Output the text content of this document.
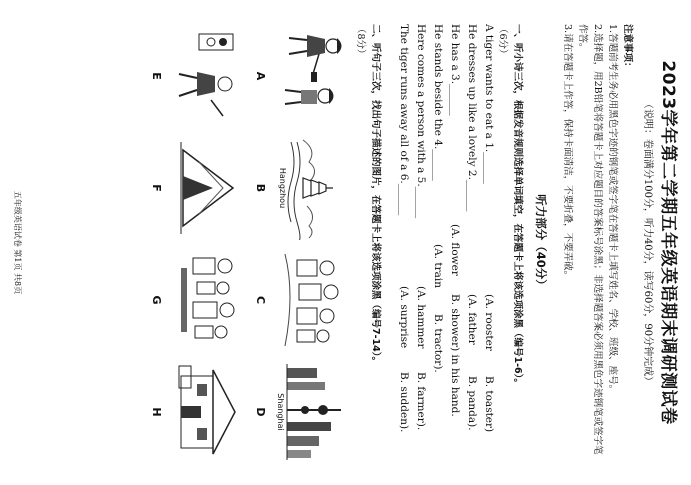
2023学年第二学期五年级英语期末调研测试卷
（说明：卷面满分100分，听力40分，读写60分，90分钟完成）

注意事项：

1.答题前考生务必用黑色字迹的钢笔或签字笔在答题卡上填写姓名、学校、班级、座号。

2.选择题，用2B铅笔将答题卡上对应题目的答案标号涂黑；非选择题答案必须用黑色字迹钢笔或签字笔作答。

3.请在答题卡上作答，保持卡面清洁，不要折叠，不要弄破。

听力部分（40分）
一、听小诗三次，根据发音规则选择单词填空，在答题卡上将该选项涂黑（编号1-6）。
（6分）
A tiger wants to eat a 1.______
(A. rooster
B. toaster)
He dresses up like a lovely 2.______
(A. father
B. panda).
He has a 3.______
(A. flower
B. shower) in his hand.
He stands beside the 4.______
(A. train
B. tractor).
Here comes a person with a 5.______
(A. hammer
B. farmer).
The tiger runs away all of a 6.______
(A. surprise
B. sudden).
二、听句子三次，找出句子描述的图片，在答题卡上将该选项涂黑（编号7-14）。
（8分）
Hangzhou
Shanghai
A
B
C
D
E
F
G
H
五年级英语试卷 第1页 共8页
